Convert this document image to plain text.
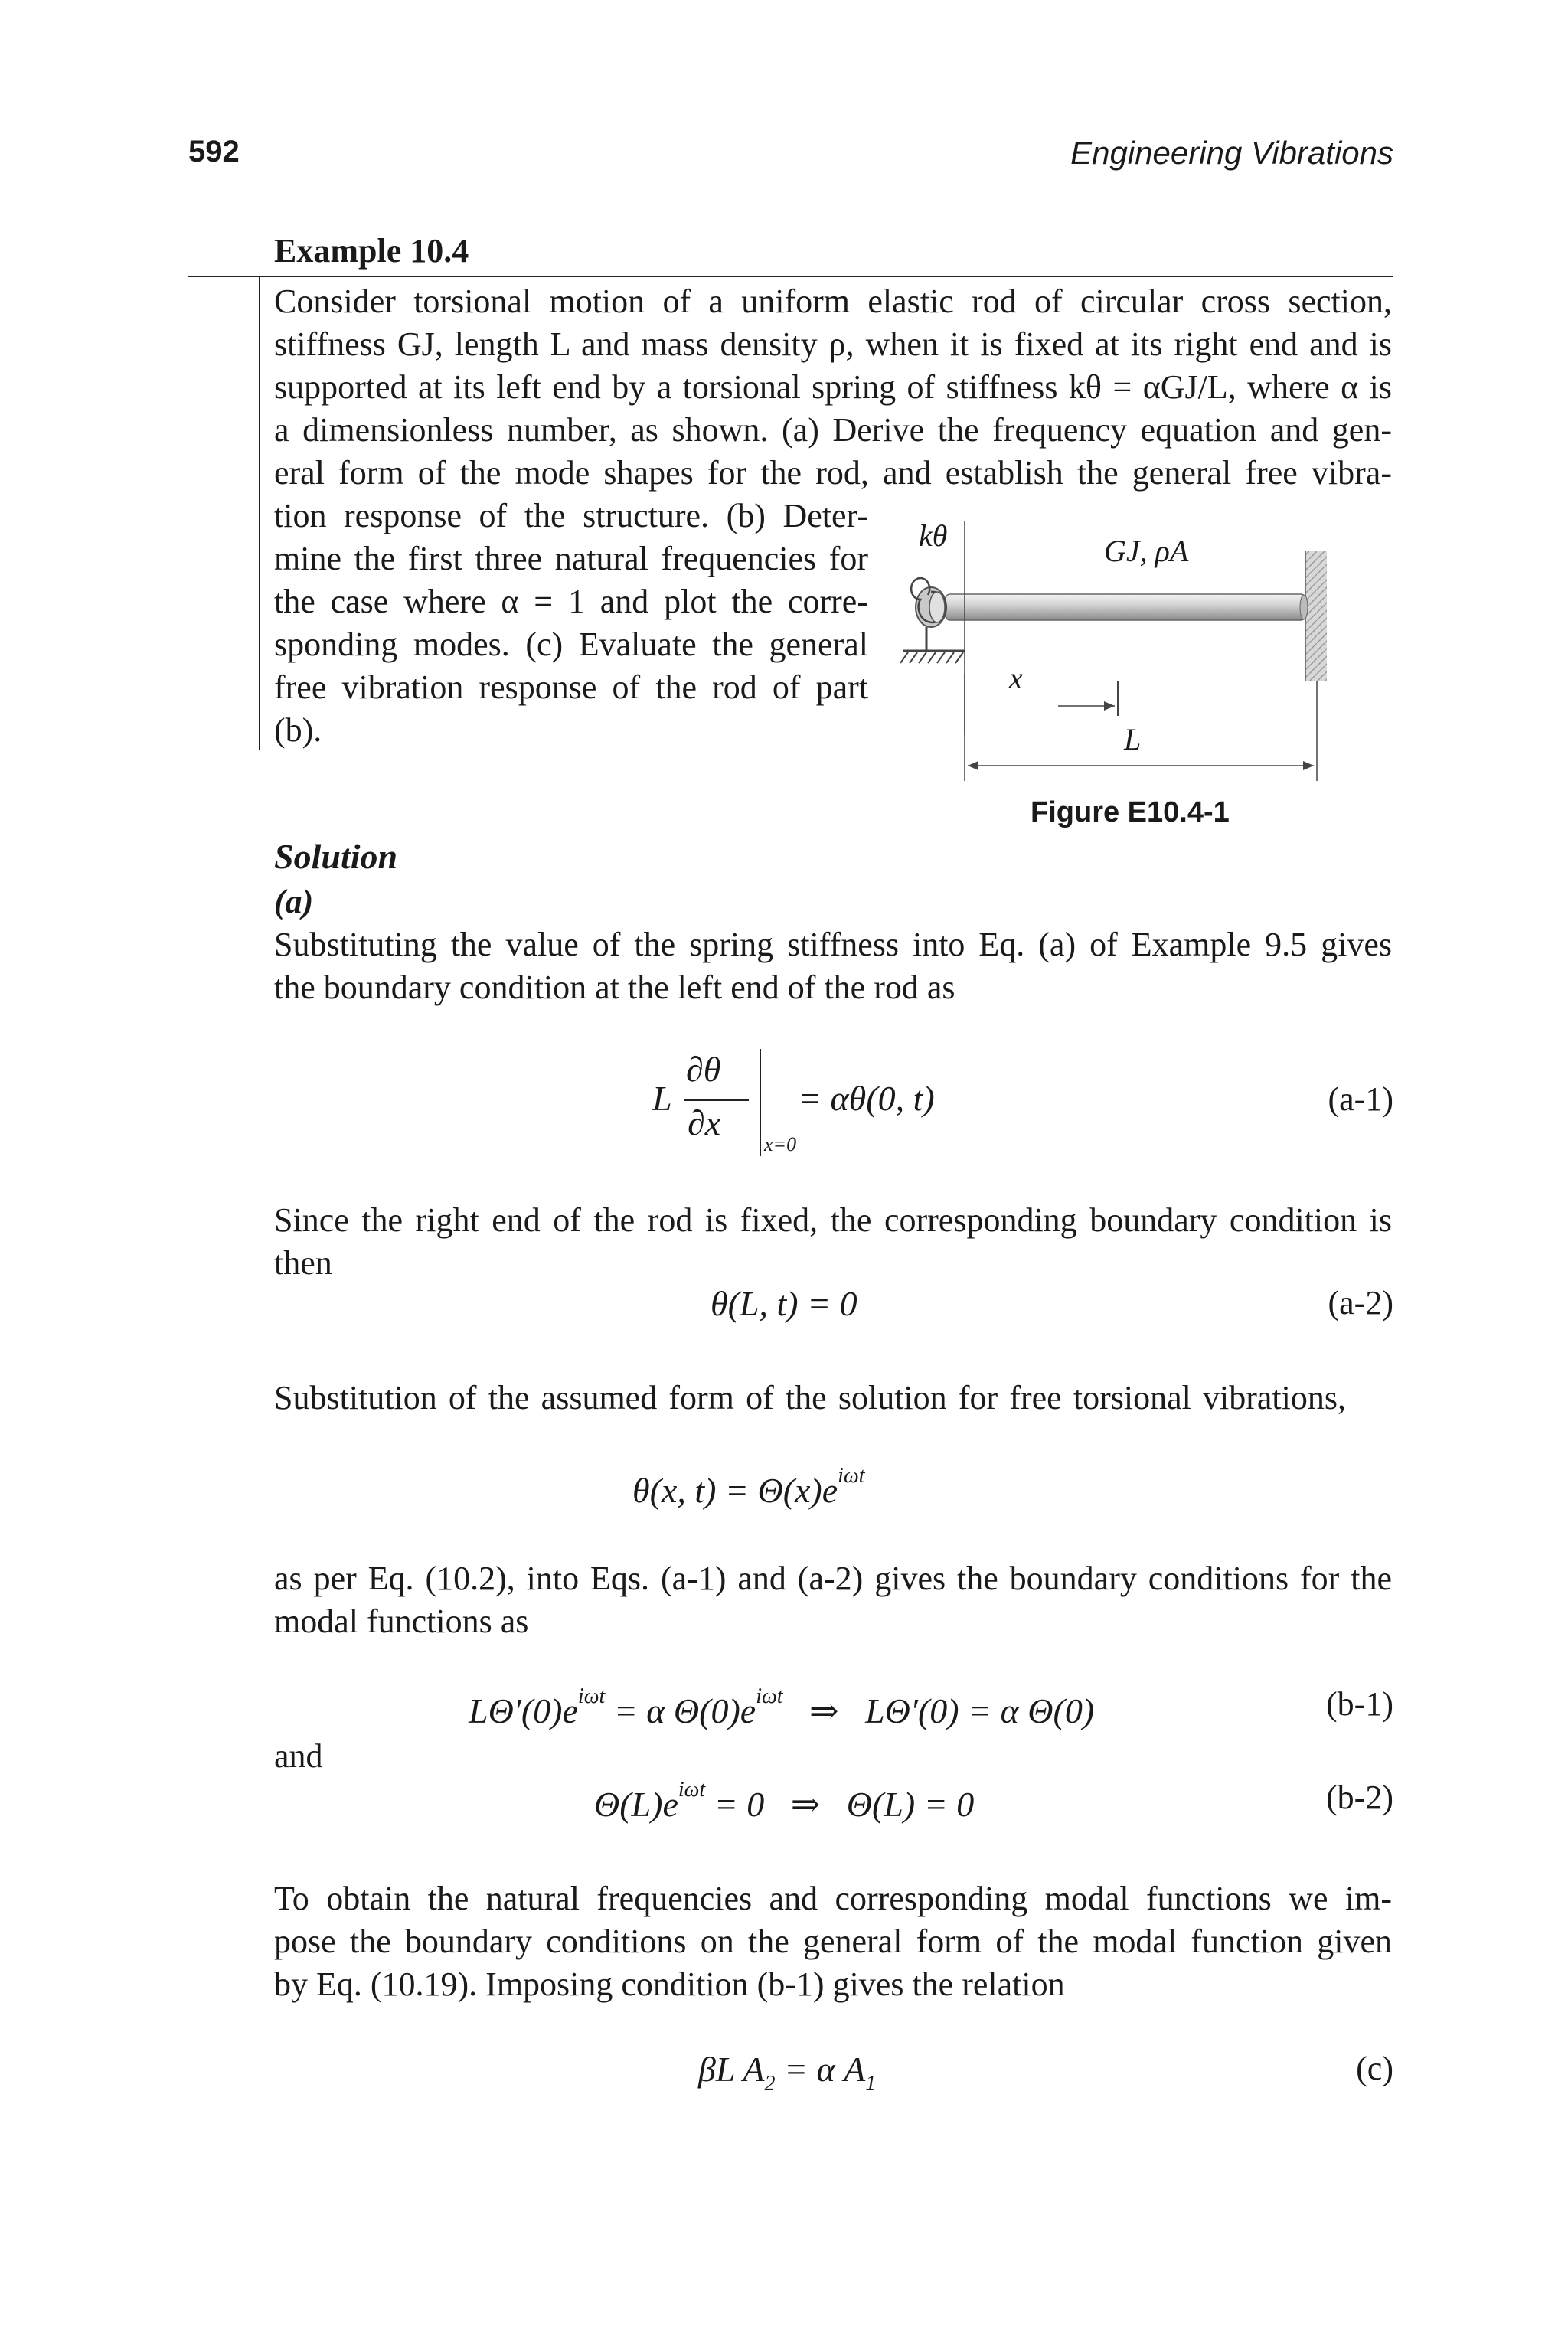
592	Engineering Vibrations
Example 10.4
Consider torsional motion of a uniform elastic rod of circular cross section,
stiffness GJ, length L and mass density ρ, when it is fixed at its right end and is
supported at its left end by a torsional spring of stiffness kθ = αGJ/L, where α is
a dimensionless number, as shown. (a) Derive the frequency equation and gen-
eral form of the mode shapes for the rod, and establish the general free vibra-
tion response of the structure. (b) Deter-
mine the first three natural frequencies for
the case where α = 1 and plot the corre-
sponding modes. (c) Evaluate the general
free vibration response of the rod of part
(b).
kθ	GJ, ρA
x
L
Figure E10.4-1
Solution
(a)
Substituting the value of the spring stiffness into Eq. (a) of Example 9.5 gives
the boundary condition at the left end of the rod as
L
∂θ
∂x
x=0
= αθ(0, t)	(a-1)
Since the right end of the rod is fixed, the corresponding boundary condition is
then
θ(L, t) = 0	(a-2)
Substitution of the assumed form of the solution for free torsional vibrations,
θ(x, $t) = \Theta(x)e^{i\omega t}$
as per Eq. (10.2), into Eqs. (a-1) and (a-2) gives the boundary conditions for the
modal functions as
$L\Theta'(0)e^{i\omega t} = \alpha$ $\Theta(0)e^{i\omega t}$   ⇒   LΘ′(0) = α Θ(0)	(b-1)
and
$\Theta(L)e^{i\omega t} = 0$   ⇒   Θ(L) = 0	(b-2)
To obtain the natural frequencies and corresponding modal functions we im-
pose the boundary conditions on the general form of the modal function given
by Eq. (10.19). Imposing condition (b-1) gives the relation
βL $A_2 = \alpha$ $A_1$	(c)
